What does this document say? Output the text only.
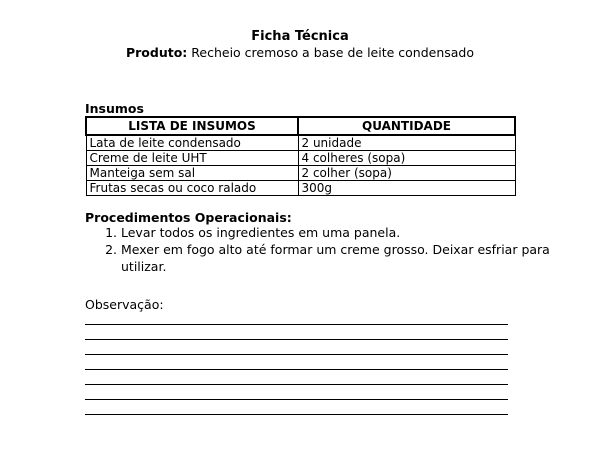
Ficha Técnica
Produto: Recheio cremoso a base de leite condensado
Insumos
LISTA DE INSUMOS	QUANTIDADE
Lata de leite condensado	2 unidade
Creme de leite UHT	4 colheres (sopa)
Manteiga sem sal	2 colher (sopa)
Frutas secas ou coco ralado	300g
Procedimentos Operacionais:
1. Levar todos os ingredientes em uma panela.
2. Mexer em fogo alto até formar um creme grosso. Deixar esfriar para utilizar.
Observação:
